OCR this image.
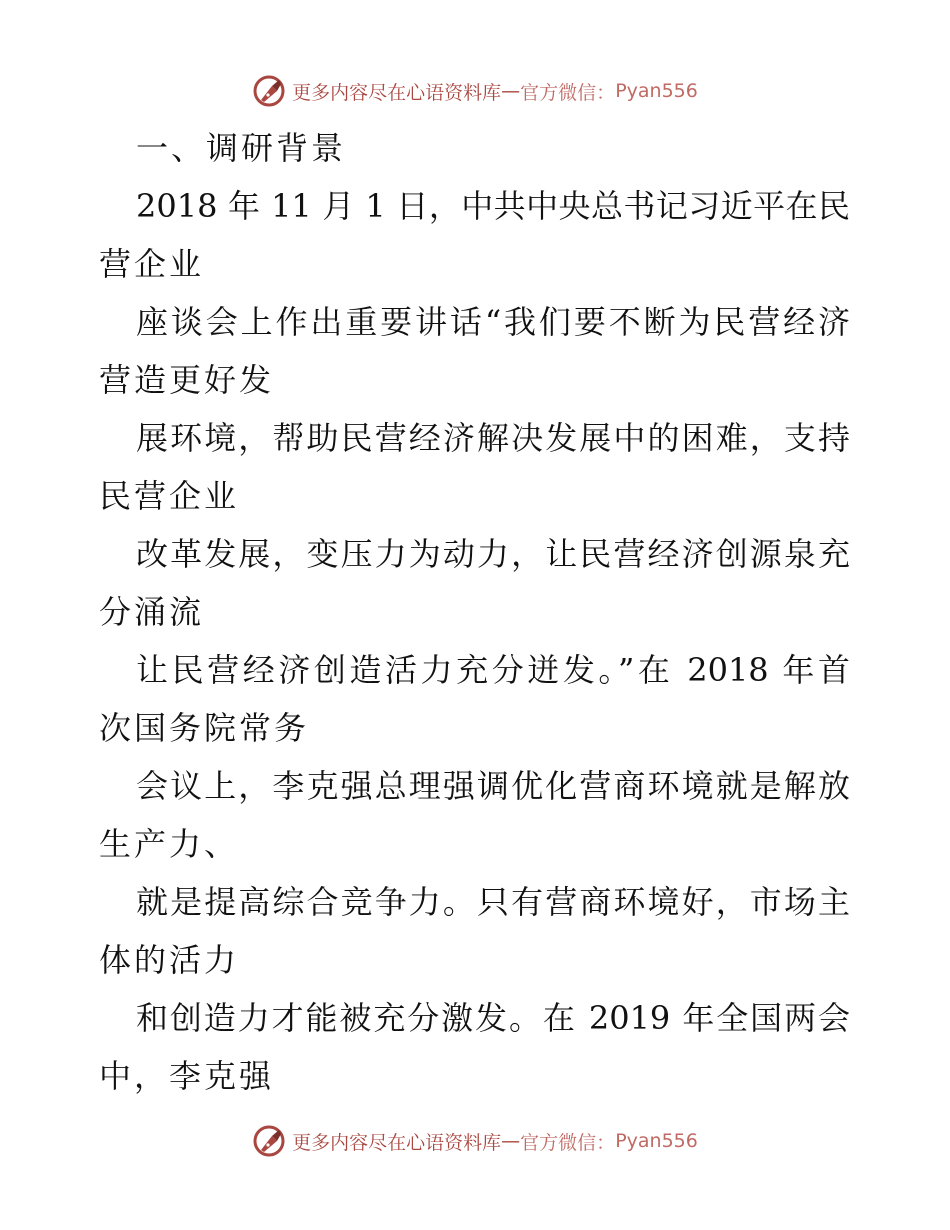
更多内容尽在心语资料库 — 官方微信： Pyan556
一、调研背景
2018 年 11 月 1 日，中共中央总书记习近平在民
营企业
座谈会上作出重要讲话“我们要不断为民营经济
营造更好发
展环境，帮助民营经济解决发展中的困难，支持
民营企业
改革发展，变压力为动力，让民营经济创源泉充
分涌流
让民营经济创造活力充分迸发。”在 2018 年首
次国务院常务
会议上，李克强总理强调优化营商环境就是解放
生产力、
就是提高综合竞争力。只有营商环境好，市场主
体的活力
和创造力才能被充分激发。在 2019 年全国两会
中，李克强
更多内容尽在心语资料库 — 官方微信： Pyan556
